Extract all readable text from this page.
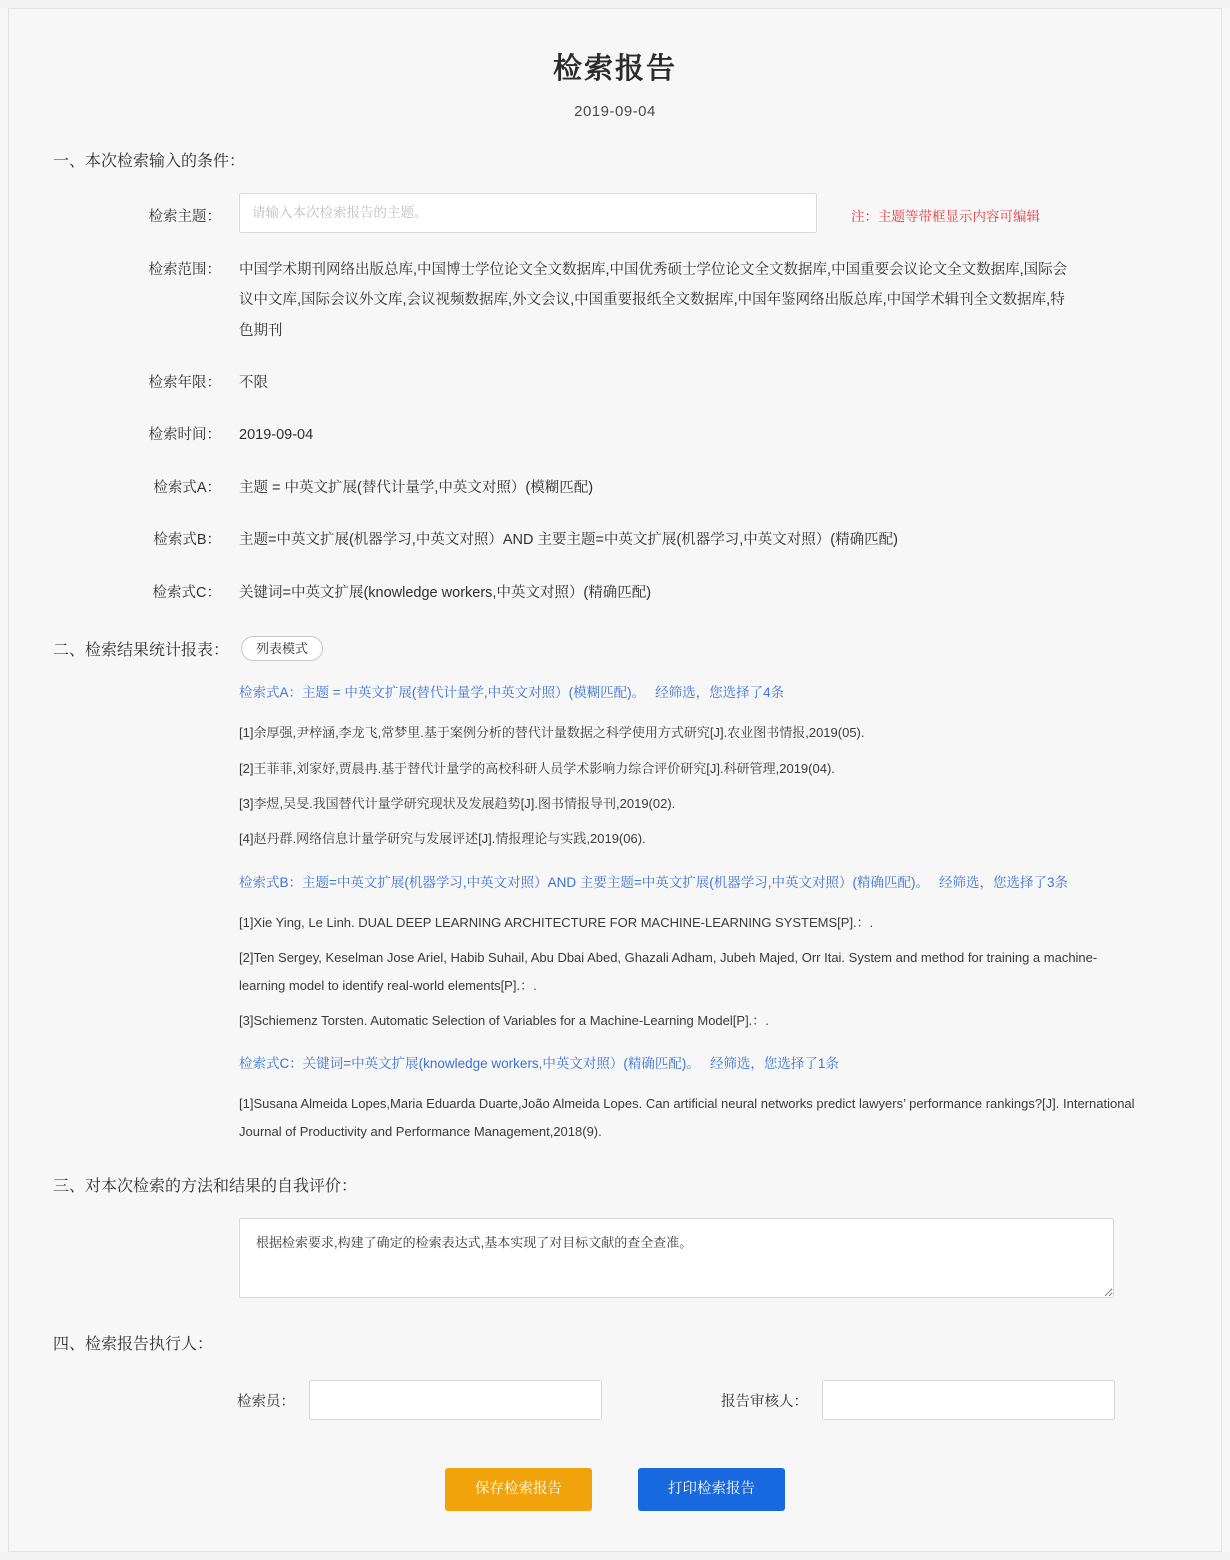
检索报告
2019-09-04
一、本次检索输入的条件：
检索主题：
请输入本次检索报告的主题。	注：主题等带框显示内容可编辑
检索范围：	中国学术期刊网络出版总库,中国博士学位论文全文数据库,中国优秀硕士学位论文全文数据库,中国重要会议论文全文数据库,国际会议中文库,国际会议外文库,会议视频数据库,外文会议,中国重要报纸全文数据库,中国年鉴网络出版总库,中国学术辑刊全文数据库,特色期刊
检索年限：	不限
检索时间：	2019-09-04
检索式A：	主题 = 中英文扩展(替代计量学,中英文对照）(模糊匹配)
检索式B：	主题=中英文扩展(机器学习,中英文对照）AND 主要主题=中英文扩展(机器学习,中英文对照）(精确匹配)
检索式C：	关键词=中英文扩展(knowledge workers,中英文对照）(精确匹配)
二、检索结果统计报表：	列表模式
检索式A：主题 = 中英文扩展(替代计量学,中英文对照）(模糊匹配)。 经筛选，您选择了4条
[1]余厚强,尹梓涵,李龙飞,常梦里.基于案例分析的替代计量数据之科学使用方式研究[J].农业图书情报,2019(05).
[2]王菲菲,刘家妤,贾晨冉.基于替代计量学的高校科研人员学术影响力综合评价研究[J].科研管理,2019(04).
[3]李煜,吴旻.我国替代计量学研究现状及发展趋势[J].图书情报导刊,2019(02).
[4]赵丹群.网络信息计量学研究与发展评述[J].情报理论与实践,2019(06).
检索式B：主题=中英文扩展(机器学习,中英文对照）AND 主要主题=中英文扩展(机器学习,中英文对照）(精确匹配)。 经筛选，您选择了3条
[1]Xie Ying, Le Linh. DUAL DEEP LEARNING ARCHITECTURE FOR MACHINE-LEARNING SYSTEMS[P].：.
[2]Ten Sergey, Keselman Jose Ariel, Habib Suhail, Abu Dbai Abed, Ghazali Adham, Jubeh Majed, Orr Itai. System and method for training a machine-learning model to identify real-world elements[P].：.
[3]Schiemenz Torsten. Automatic Selection of Variables for a Machine-Learning Model[P].：.
检索式C：关键词=中英文扩展(knowledge workers,中英文对照）(精确匹配)。 经筛选，您选择了1条
[1]Susana Almeida Lopes,Maria Eduarda Duarte,João Almeida Lopes. Can artificial neural networks predict lawyers’ performance rankings?[J]. International Journal of Productivity and Performance Management,2018(9).
三、对本次检索的方法和结果的自我评价：
根据检索要求,构建了确定的检索表达式,基本实现了对目标文献的查全查准。
四、检索报告执行人：
检索员：	报告审核人：
保存检索报告	打印检索报告
